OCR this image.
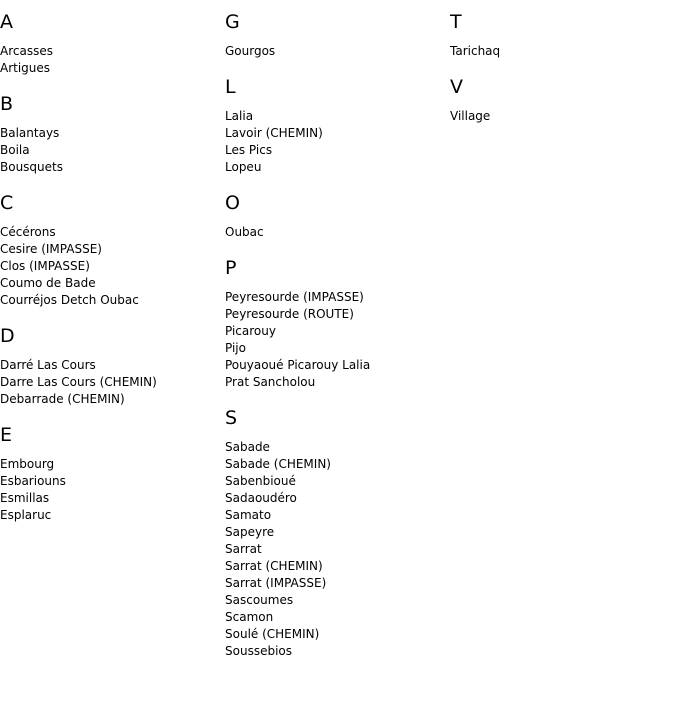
A
Arcasses
Artigues
B
Balantays
Boila
Bousquets
C
Cécérons
Cesire (IMPASSE)
Clos (IMPASSE)
Coumo de Bade
Courréjos Detch Oubac
D
Darré Las Cours
Darre Las Cours (CHEMIN)
Debarrade (CHEMIN)
E
Embourg
Esbariouns
Esmillas
Esplaruc
G
Gourgos
L
Lalia
Lavoir (CHEMIN)
Les Pics
Lopeu
O
Oubac
P
Peyresourde (IMPASSE)
Peyresourde (ROUTE)
Picarouy
Pijo
Pouyaoué Picarouy Lalia
Prat Sancholou
S
Sabade
Sabade (CHEMIN)
Sabenbioué
Sadaoudéro
Samato
Sapeyre
Sarrat
Sarrat (CHEMIN)
Sarrat (IMPASSE)
Sascoumes
Scamon
Soulé (CHEMIN)
Soussebios
T
Tarichaq
V
Village
